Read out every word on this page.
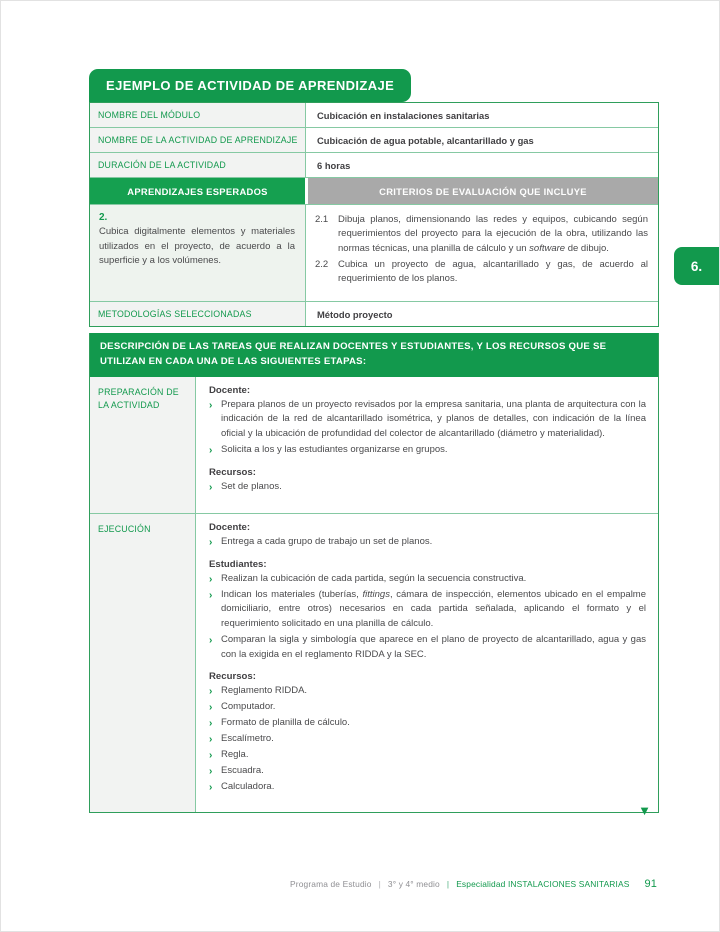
6.
EJEMPLO DE ACTIVIDAD DE APRENDIZAJE
NOMBRE DEL MÓDULO	Cubicación en instalaciones sanitarias
NOMBRE DE LA ACTIVIDAD DE APRENDIZAJE	Cubicación de agua potable, alcantarillado y gas
DURACIÓN DE LA ACTIVIDAD	6 horas
APRENDIZAJES ESPERADOS	CRITERIOS DE EVALUACIÓN QUE INCLUYE
2.
Cubica digitalmente elementos y materiales utilizados en el proyecto, de acuerdo a la superficie y a los volúmenes.
2.1	Dibuja planos, dimensionando las redes y equipos, cubicando según requerimientos del proyecto para la ejecución de la obra, utilizando las normas técnicas, una planilla de cálculo y un software de dibujo.
2.2	Cubica un proyecto de agua, alcantarillado y gas, de acuerdo al requerimiento de los planos.
METODOLOGÍAS SELECCIONADAS	Método proyecto
DESCRIPCIÓN DE LAS TAREAS QUE REALIZAN DOCENTES Y ESTUDIANTES, Y LOS RECURSOS QUE SE UTILIZAN EN CADA UNA DE LAS SIGUIENTES ETAPAS:
PREPARACIÓN DE LA ACTIVIDAD
Docente:
› Prepara planos de un proyecto revisados por la empresa sanitaria, una planta de arquitectura con la indicación de la red de alcantarillado isométrica, y planos de detalles, con indicación de la línea oficial y la ubicación de profundidad del colector de alcantarillado (diámetro y materialidad).
› Solicita a los y las estudiantes organizarse en grupos.
Recursos:
› Set de planos.
EJECUCIÓN	Docente:
› Entrega a cada grupo de trabajo un set de planos.
Estudiantes:
› Realizan la cubicación de cada partida, según la secuencia constructiva.
› Indican los materiales (tuberías, fittings, cámara de inspección, elementos ubicado en el empalme domiciliario, entre otros) necesarios en cada partida señalada, aplicando el formato y el requerimiento solicitado en una planilla de cálculo.
› Comparan la sigla y simbología que aparece en el plano de proyecto de alcantarillado, agua y gas con la exigida en el reglamento RIDDA y la SEC.
Recursos:
› Reglamento RIDDA.
› Computador.
› Formato de planilla de cálculo.
› Escalímetro.
› Regla.
› Escuadra.
› Calculadora.
▼
Programa de Estudio | 3° y 4° medio | Especialidad INSTALACIONES SANITARIAS 91
